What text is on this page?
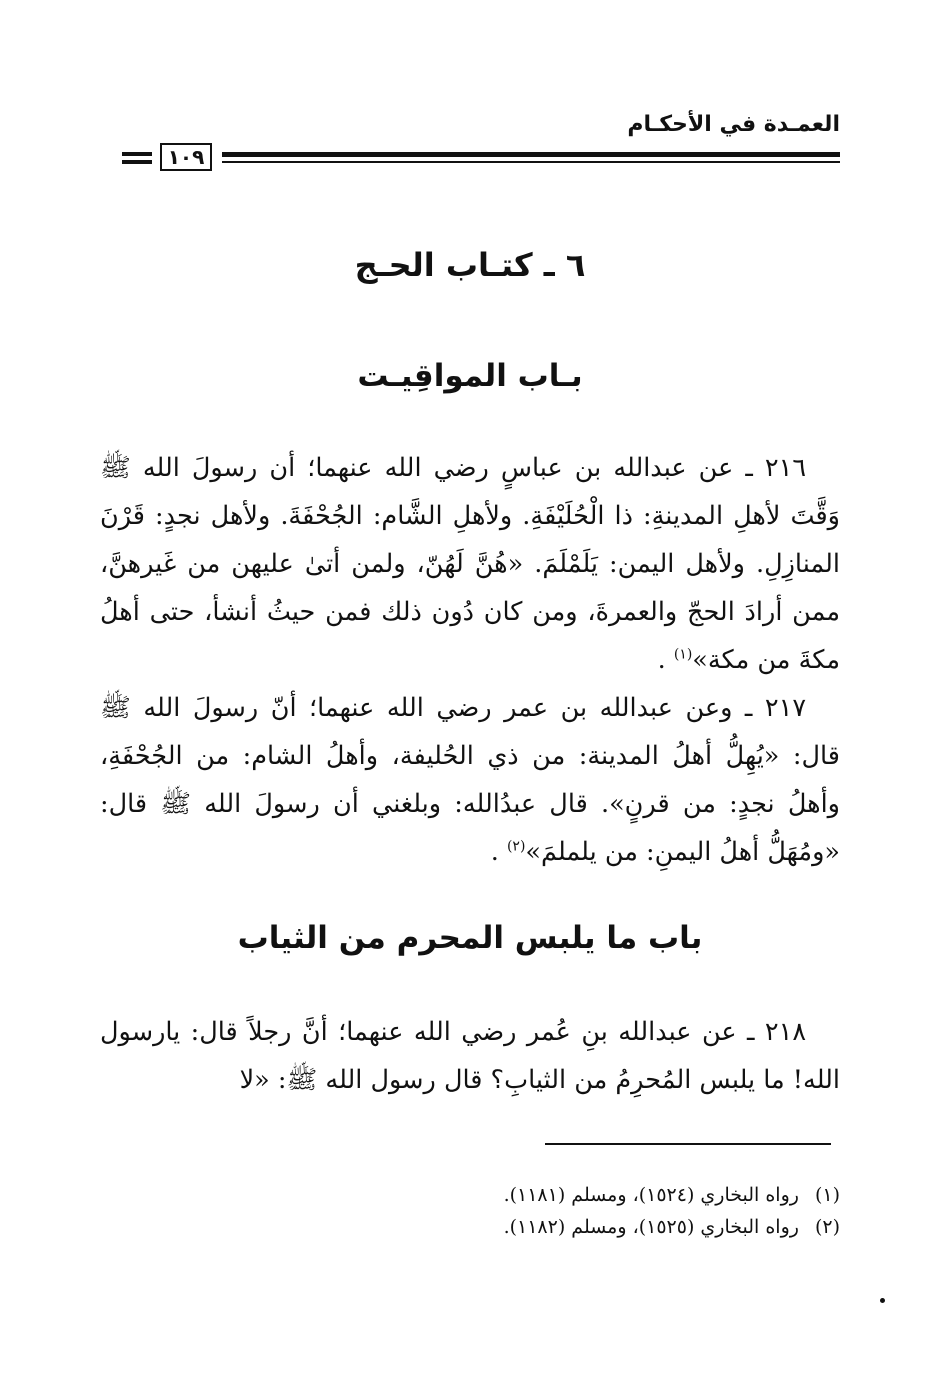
العمـدة في الأحكـام
١٠٩
٦ ـ كتـاب الحـج
بـاب المواقِيـت

٢١٦ ـ عن عبدالله بن عباسٍ رضي الله عنهما؛ أن رسولَ الله ﷺ وَقَّتَ لأهلِ المدينةِ: ذا الْحُلَيْفَةِ. ولأهلِ الشَّام: الجُحْفَةَ. ولأهل نجدٍ: قَرْنَ المنازِلِ. ولأهل اليمن: يَلَمْلَمَ. «هُنَّ لَهُنّ، ولمن أتىٰ عليهن من غَيرهنَّ، ممن أرادَ الحجّ والعمرةَ، ومن كان دُون ذلك فمن حيثُ أنشأ، حتى أهلُ مكةَ من مكة»$^{(١)}$ .

٢١٧ ـ وعن عبدالله بن عمر رضي الله عنهما؛ أنّ رسولَ الله ﷺ قال: «يُهِلُّ أهلُ المدينة: من ذي الحُليفة، وأهلُ الشام: من الجُحْفَةِ، وأهلُ نجدٍ: من قرنٍ». قال عبدُالله: وبلغني أن رسولَ الله ﷺ قال: «ومُهَلُّ أهلُ اليمنِ: من يلملمَ»$^{(٢)}$ .

باب ما يلبس المحرم من الثياب

٢١٨ ـ عن عبدالله بنِ عُمر رضي الله عنهما؛ أنَّ رجلاً قال: يارسول الله! ما يلبس المُحرِمُ من الثيابِ؟ قال رسول الله ﷺ: «لا

(١)رواه البخاري (١٥٢٤)، ومسلم (١١٨١).
(٢)رواه البخاري (١٥٢٥)، ومسلم (١١٨٢).
